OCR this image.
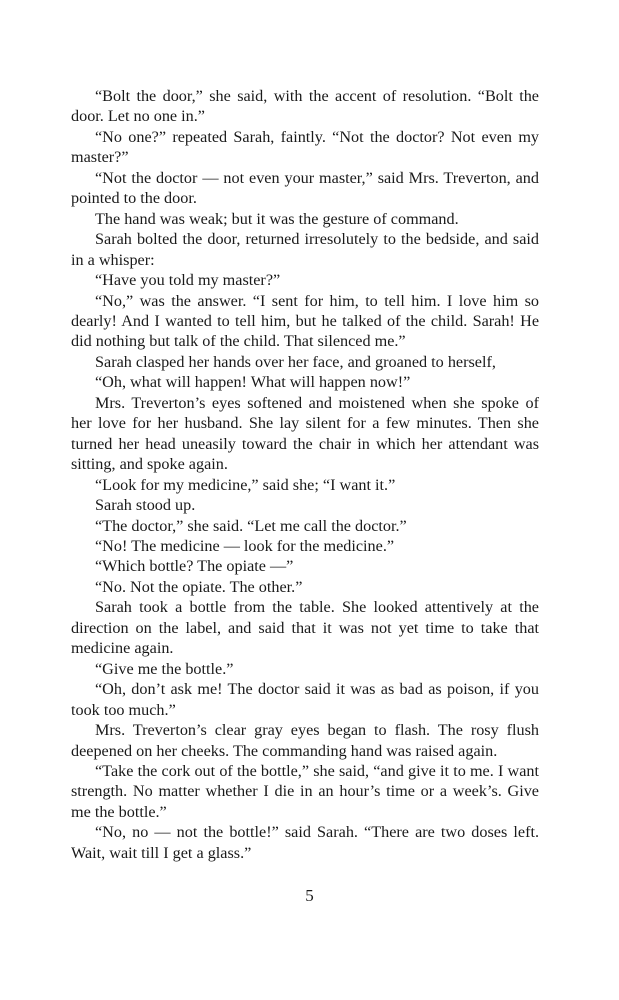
“Bolt the door,” she said, with the accent of resolution. “Bolt the door. Let no one in.”

“No one?” repeated Sarah, faintly. “Not the doctor? Not even my master?”

“Not the doctor — not even your master,” said Mrs. Treverton, and pointed to the door.

The hand was weak; but it was the gesture of command.

Sarah bolted the door, returned irresolutely to the bedside, and said in a whisper:

“Have you told my master?”

“No,” was the answer. “I sent for him, to tell him. I love him so dearly! And I wanted to tell him, but he talked of the child. Sarah! He did nothing but talk of the child. That silenced me.”

Sarah clasped her hands over her face, and groaned to herself,

“Oh, what will happen! What will happen now!”

Mrs. Treverton’s eyes softened and moistened when she spoke of her love for her husband. She lay silent for a few minutes. Then she turned her head uneasily toward the chair in which her attendant was sitting, and spoke again.

“Look for my medicine,” said she; “I want it.”

Sarah stood up.

“The doctor,” she said. “Let me call the doctor.”

“No! The medicine — look for the medicine.”

“Which bottle? The opiate —”

“No. Not the opiate. The other.”

Sarah took a bottle from the table. She looked attentively at the direction on the label, and said that it was not yet time to take that medicine again.

“Give me the bottle.”

“Oh, don’t ask me! The doctor said it was as bad as poison, if you took too much.”

Mrs. Treverton’s clear gray eyes began to flash. The rosy flush deepened on her cheeks. The commanding hand was raised again.

“Take the cork out of the bottle,” she said, “and give it to me. I want strength. No matter whether I die in an hour’s time or a week’s. Give me the bottle.”

“No, no — not the bottle!” said Sarah. “There are two doses left. Wait, wait till I get a glass.”

5
